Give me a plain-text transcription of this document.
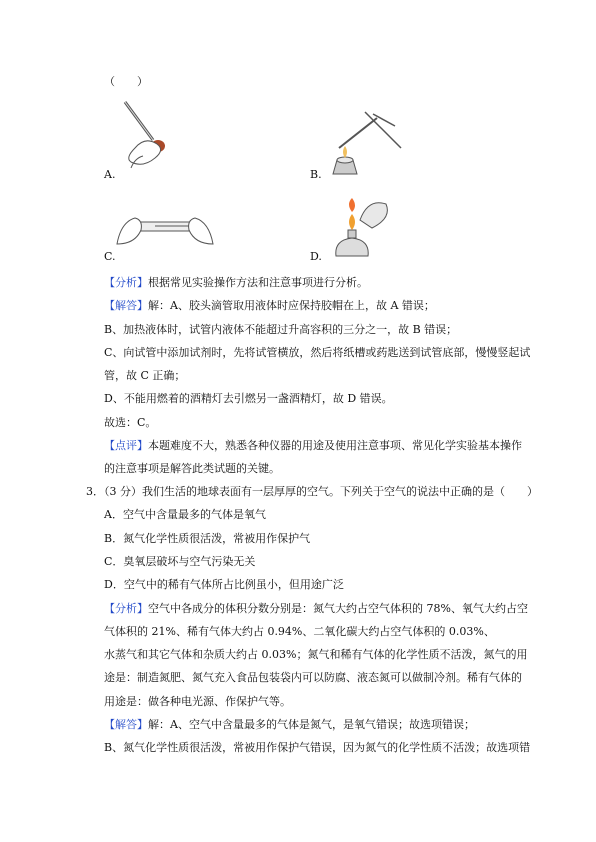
（　　）
A.	B.
C.	D.
【分析】根据常见实验操作方法和注意事项进行分析。
【解答】解：A、胶头滴管取用液体时应保持胶帽在上，故 A 错误；
B、加热液体时，试管内液体不能超过升高容积的三分之一，故 B 错误；
C、向试管中添加试剂时，先将试管横放，然后将纸槽或药匙送到试管底部，慢慢竖起试
管，故 C 正确；
D、不能用燃着的酒精灯去引燃另一盏酒精灯，故 D 错误。
故选：C。
【点评】本题难度不大，熟悉各种仪器的用途及使用注意事项、常见化学实验基本操作
的注意事项是解答此类试题的关键。
3．（3 分）我们生活的地球表面有一层厚厚的空气。下列关于空气的说法中正确的是（　　）
A．空气中含量最多的气体是氧气
B．氮气化学性质很活泼，常被用作保护气
C．臭氧层破坏与空气污染无关
D．空气中的稀有气体所占比例虽小，但用途广泛
【分析】空气中各成分的体积分数分别是：氮气大约占空气体积的 78%、氧气大约占空
气体积的 21%、稀有气体大约占 0.94%、二氧化碳大约占空气体积的 0.03%、
水蒸气和其它气体和杂质大约占 0.03%；氮气和稀有气体的化学性质不活泼，氮气的用
途是：制造氮肥、氮气充入食品包装袋内可以防腐、液态氮可以做制冷剂。稀有气体的
用途是：做各种电光源、作保护气等。
【解答】解：A、空气中含量最多的气体是氮气，是氧气错误；故选项错误；
B、氮气化学性质很活泼，常被用作保护气错误，因为氮气的化学性质不活泼；故选项错
